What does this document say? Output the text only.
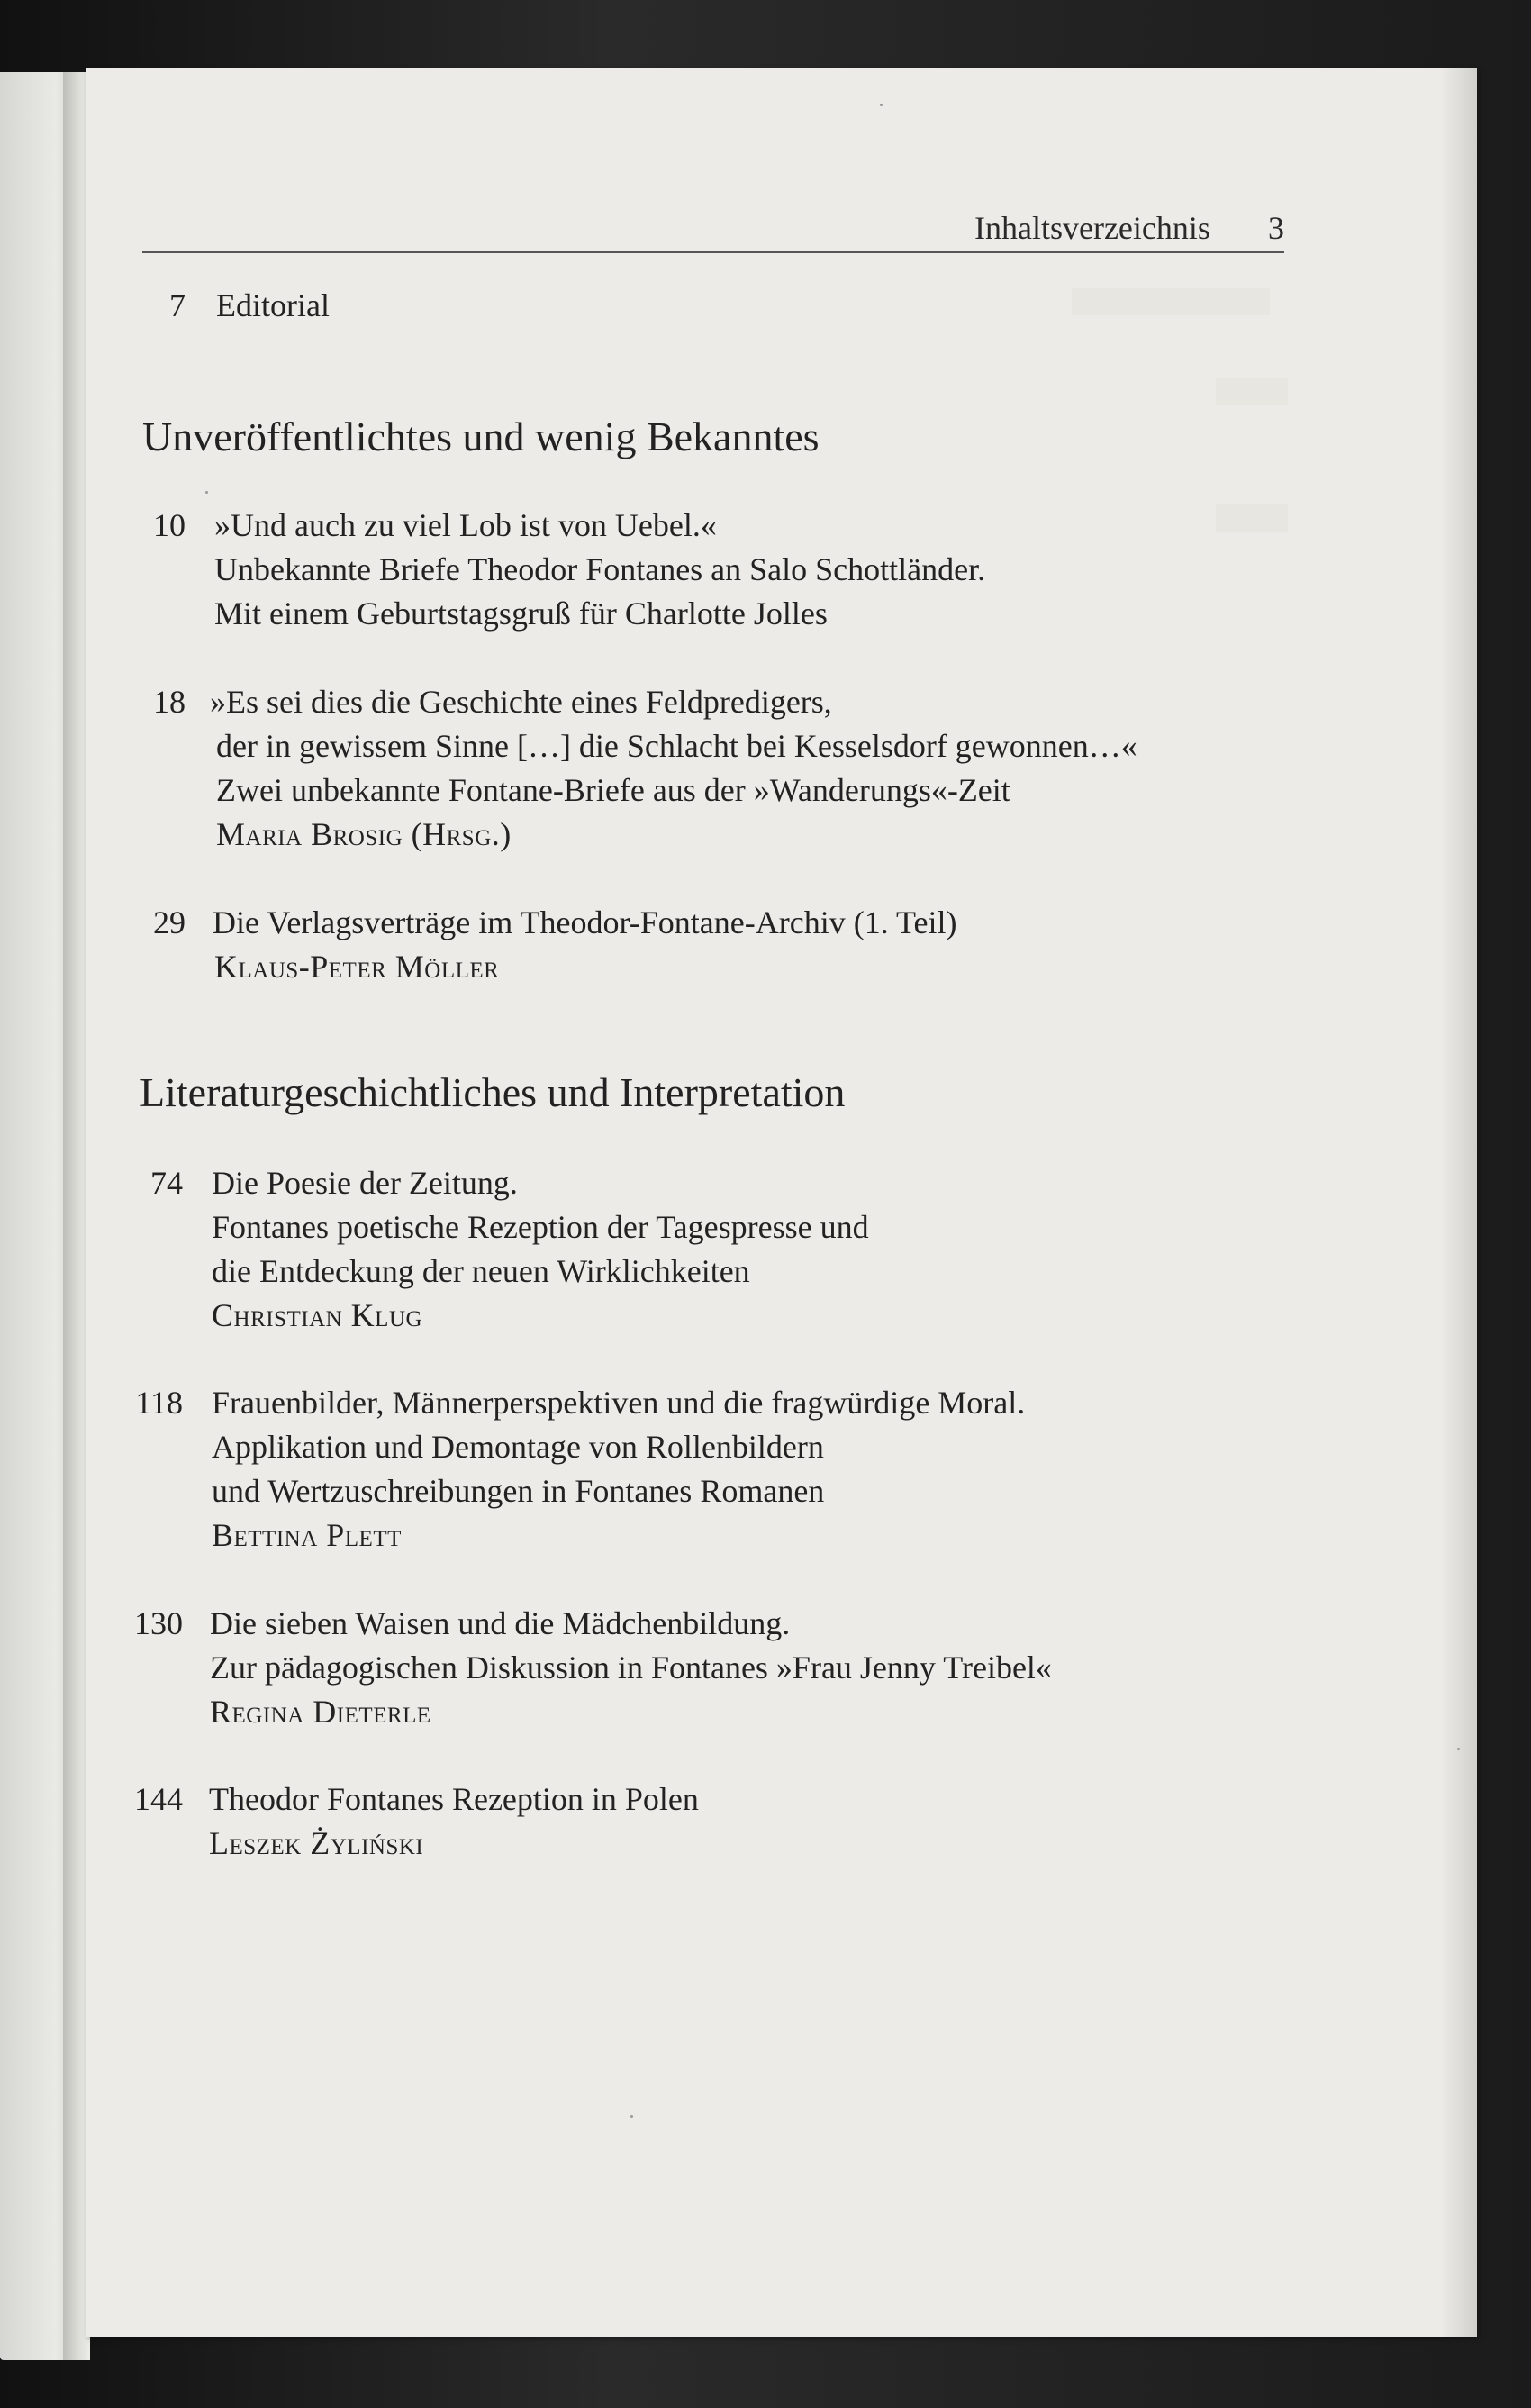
Inhaltsverzeichnis 3
7 Editorial
Unveröffentlichtes und wenig Bekanntes
10 »Und auch zu viel Lob ist von Uebel.«
Unbekannte Briefe Theodor Fontanes an Salo Schottländer.
Mit einem Geburtstagsgruß für Charlotte Jolles
18 »Es sei dies die Geschichte eines Feldpredigers,
der in gewissem Sinne […] die Schlacht bei Kesselsdorf gewonnen…«
Zwei unbekannte Fontane-Briefe aus der »Wanderungs«-Zeit
Maria Brosig (Hrsg.)
29 Die Verlagsverträge im Theodor-Fontane-Archiv (1. Teil)
Klaus-Peter Möller
Literaturgeschichtliches und Interpretation
74 Die Poesie der Zeitung.
Fontanes poetische Rezeption der Tagespresse und
die Entdeckung der neuen Wirklichkeiten
Christian Klug
118 Frauenbilder, Männerperspektiven und die fragwürdige Moral.
Applikation und Demontage von Rollenbildern
und Wertzuschreibungen in Fontanes Romanen
Bettina Plett
130 Die sieben Waisen und die Mädchenbildung.
Zur pädagogischen Diskussion in Fontanes »Frau Jenny Treibel«
Regina Dieterle
144 Theodor Fontanes Rezeption in Polen
Leszek Żyliński
